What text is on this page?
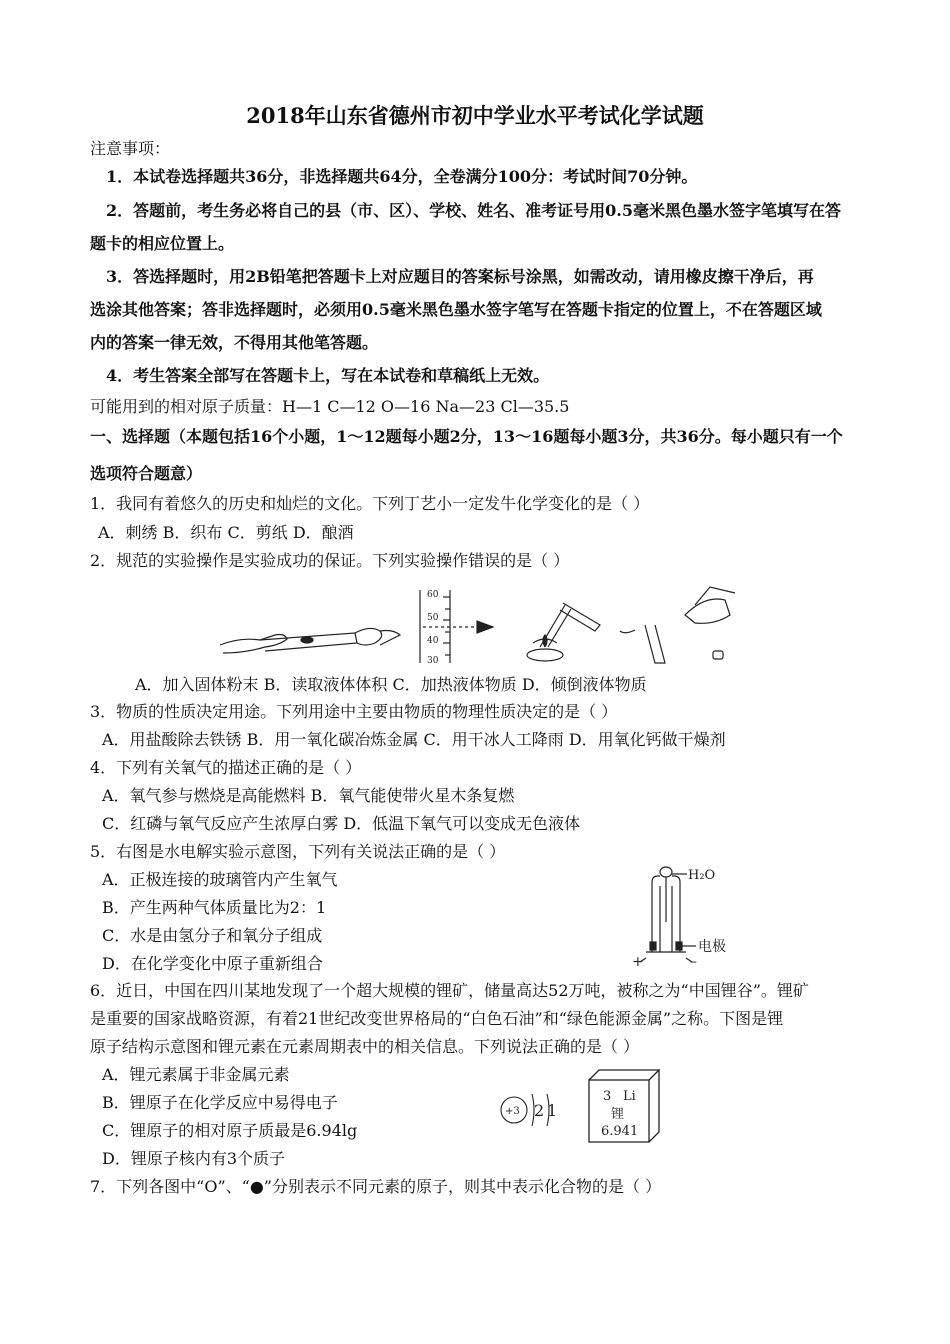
2018年山东省德州市初中学业水平考试化学试题
注意事项：
1．本试卷选择题共36分，非选择题共64分，全卷满分100分：考试时间70分钟。
2．答题前，考生务必将自己的县（市、区）、学校、姓名、准考证号用0.5毫米黑色墨水签字笔填写在答
题卡的相应位置上。
3．答选择题时，用2B铅笔把答题卡上对应题目的答案标号涂黑，如需改动，请用橡皮擦干净后，再
选涂其他答案；答非选择题时，必须用0.5毫米黑色墨水签字笔写在答题卡指定的位置上，不在答题区域
内的答案一律无效，不得用其他笔答题。
4．考生答案全部写在答题卡上，写在本试卷和草稿纸上无效。
可能用到的相对原子质量：H—1 C—12 O—16 Na—23 Cl—35.5
一、选择题（本题包括16个小题，1～12题每小题2分，13～16题每小题3分，共36分。每小题只有一个
选项符合题意）
1．我同有着悠久的历史和灿烂的文化。下列丁艺小一定发牛化学变化的是（ ）
A．刺绣 B．织布 C．剪纸 D．酿酒
2．规范的实验操作是实验成功的保证。下列实验操作错误的是（ ）
60
50
40
30
A．加入固体粉末 B．读取液体体积 C．加热液体物质 D．倾倒液体物质
3．物质的性质决定用途。下列用途中主要由物质的物理性质决定的是（ ）
A．用盐酸除去铁锈 B．用一氧化碳冶炼金属 C．用干冰人工降雨 D．用氧化钙做干燥剂
4．下列有关氧气的描述正确的是（ ）
A．氧气参与燃烧是高能燃料 B．氧气能使带火星木条复燃
C．红磷与氧气反应产生浓厚白雾 D．低温下氧气可以变成无色液体
5．右图是水电解实验示意图，下列有关说法正确的是（ ）
A．正极连接的玻璃管内产生氧气
B．产生两种气体质量比为2：1
C．水是由氢分子和氧分子组成
D．在化学变化中原子重新组合
H₂O
电极
+	–
6．近日，中国在四川某地发现了一个超大规模的锂矿，储量高达52万吨，被称之为“中国锂谷”。锂矿
是重要的国家战略资源，有着21世纪改变世界格局的“白色石油”和“绿色能源金属”之称。下图是锂
原子结构示意图和锂元素在元素周期表中的相关信息。下列说法正确的是（ ）
A．锂元素属于非金属元素
B．锂原子在化学反应中易得电子
C．锂原子的相对原子质最是6.94lg
D．锂原子核内有3个质子
+3 2 1
3 Li
锂
6.941
7．下列各图中“O”、“●”分别表示不同元素的原子，则其中表示化合物的是（ ）
